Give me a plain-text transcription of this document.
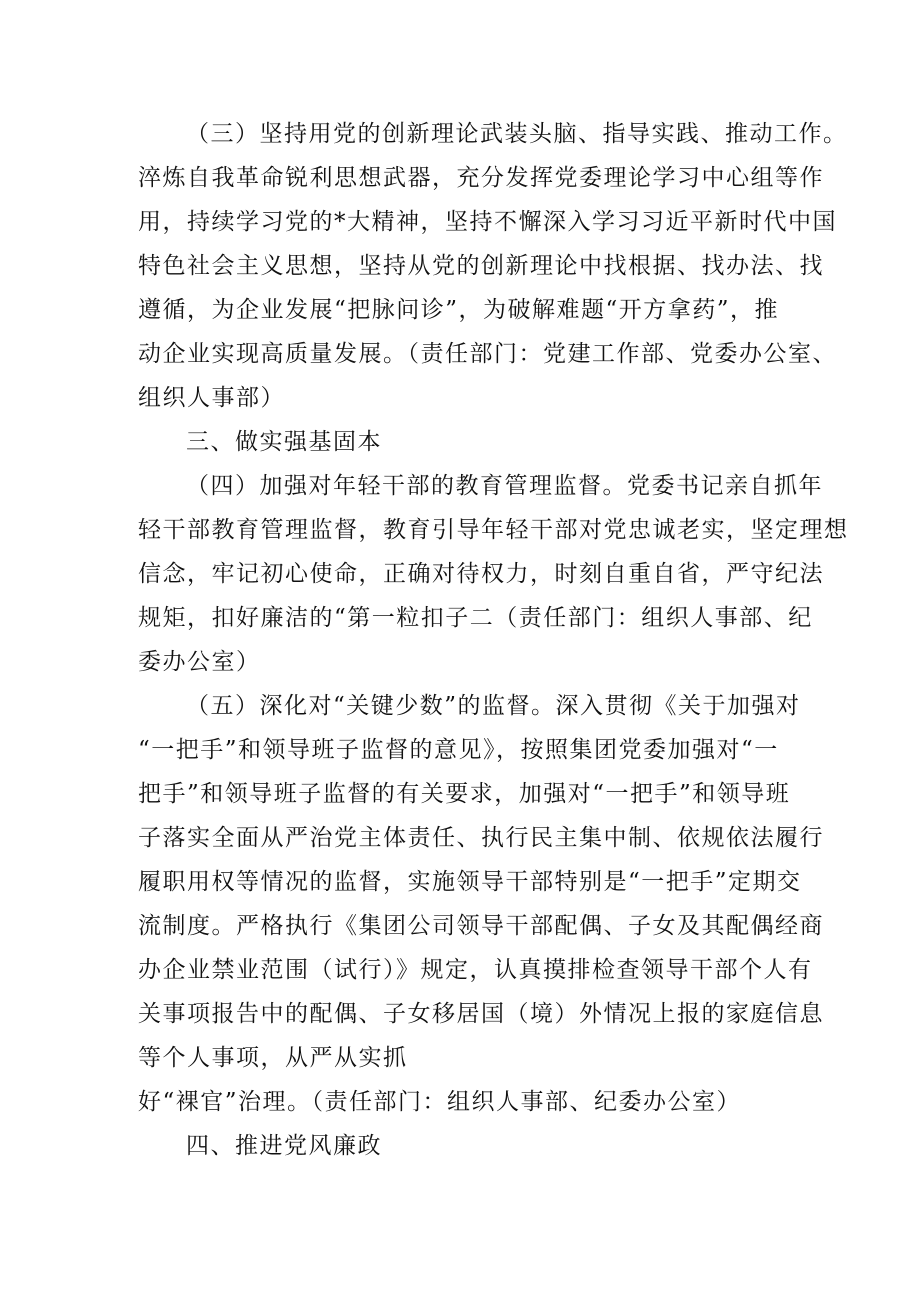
（三）坚持用党的创新理论武装头脑、指导实践、推动工作。
淬炼自我革命锐利思想武器，充分发挥党委理论学习中心组等作
用，持续学习党的*大精神，坚持不懈深入学习习近平新时代中国
特色社会主义思想，坚持从党的创新理论中找根据、找办法、找
遵循，为企业发展“把脉问诊”，为破解难题“开方拿药”，推
动企业实现高质量发展。（责任部门：党建工作部、党委办公室、
组织人事部）
三、做实强基固本
（四）加强对年轻干部的教育管理监督。党委书记亲自抓年
轻干部教育管理监督，教育引导年轻干部对党忠诚老实，坚定理想
信念，牢记初心使命，正确对待权力，时刻自重自省，严守纪法
规矩，扣好廉洁的“第一粒扣子二（责任部门：组织人事部、纪
委办公室）
（五）深化对“关键少数”的监督。深入贯彻《关于加强对
“一把手”和领导班子监督的意见》，按照集团党委加强对“一
把手”和领导班子监督的有关要求，加强对“一把手”和领导班
子落实全面从严治党主体责任、执行民主集中制、依规依法履行
履职用权等情况的监督，实施领导干部特别是“一把手”定期交
流制度。严格执行《集团公司领导干部配偶、子女及其配偶经商
办企业禁业范围（试行）》规定，认真摸排检查领导干部个人有
关事项报告中的配偶、子女移居国（境）外情况上报的家庭信息
等个人事项，从严从实抓
好“裸官”治理。（责任部门：组织人事部、纪委办公室）
四、推进党风廉政
